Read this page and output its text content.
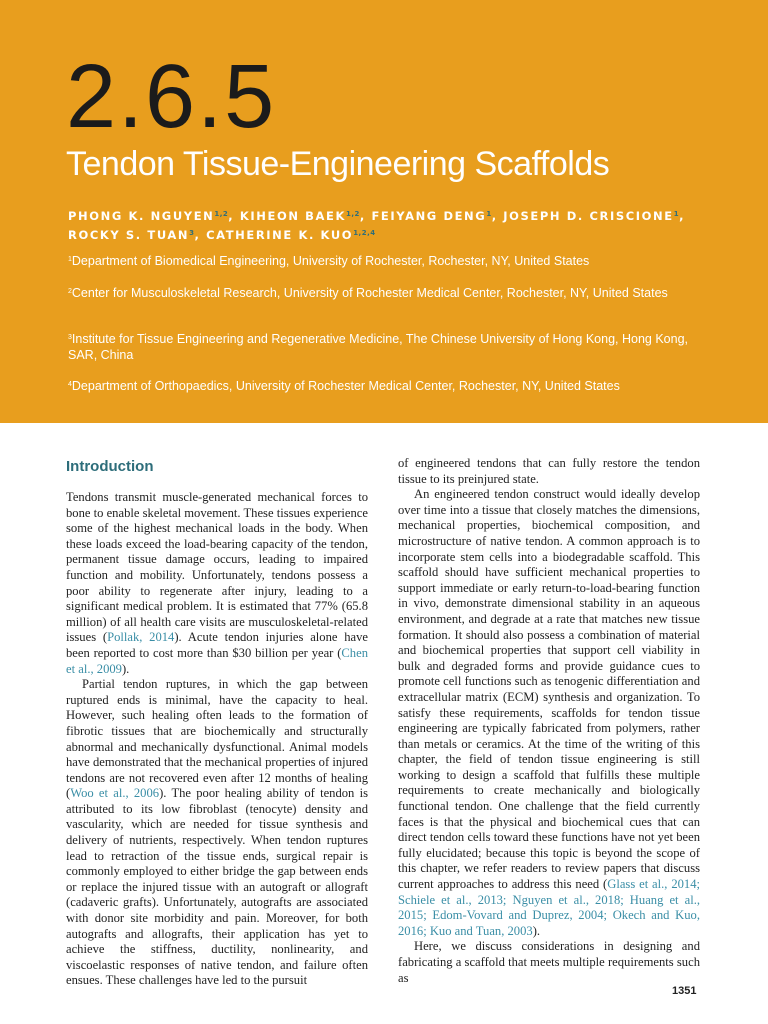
2.6.5
Tendon Tissue-Engineering Scaffolds
PHONG K. NGUYEN$^{1,2}$, KIHEON BAEK$^{1,2}$, FEIYANG DENG$^1$, JOSEPH D. CRISCIONE$^1$,
ROCKY S. TUAN$^3$, CATHERINE K. KUO$^{1,2,4}$
$^1$Department of Biomedical Engineering, University of Rochester, Rochester, NY, United States
$^2$Center for Musculoskeletal Research, University of Rochester Medical Center, Rochester, NY, United States
$^3$Institute for Tissue Engineering and Regenerative Medicine, The Chinese University of Hong Kong, Hong Kong, SAR, China
$^4$Department of Orthopaedics, University of Rochester Medical Center, Rochester, NY, United States
Introduction

Tendons transmit muscle-generated mechanical forces to bone to enable skeletal movement. These tissues experience some of the highest mechanical loads in the body. When these loads exceed the load-bearing capacity of the tendon, permanent tissue damage occurs, leading to impaired function and mobility. Unfortunately, tendons possess a poor ability to regenerate after injury, leading to a significant medical problem. It is estimated that 77% (65.8 million) of all health care visits are musculoskeletal-related issues (Pollak, 2014). Acute tendon injuries alone have been reported to cost more than $30 billion per year (Chen et al., 2009).

Partial tendon ruptures, in which the gap between ruptured ends is minimal, have the capacity to heal. However, such healing often leads to the formation of fibrotic tissues that are biochemically and structurally abnormal and mechanically dysfunctional. Animal models have demonstrated that the mechanical properties of injured tendons are not recovered even after 12 months of healing (Woo et al., 2006). The poor healing ability of tendon is attributed to its low fibroblast (tenocyte) density and vascularity, which are needed for tissue synthesis and delivery of nutrients, respectively. When tendon ruptures lead to retraction of the tissue ends, surgical repair is commonly employed to either bridge the gap between ends or replace the injured tissue with an autograft or allograft (cadaveric grafts). Unfortunately, autografts are associated with donor site morbidity and pain. Moreover, for both autografts and allografts, their application has yet to achieve the stiffness, ductility, nonlinearity, and viscoelastic responses of native tendon, and failure often ensues. These challenges have led to the pursuit

of engineered tendons that can fully restore the tendon tissue to its preinjured state.

An engineered tendon construct would ideally develop over time into a tissue that closely matches the dimensions, mechanical properties, biochemical composition, and microstructure of native tendon. A common approach is to incorporate stem cells into a biodegradable scaffold. This scaffold should have sufficient mechanical properties to support immediate or early return-to-load-bearing function in vivo, demonstrate dimensional stability in an aqueous environment, and degrade at a rate that matches new tissue formation. It should also possess a combination of material and biochemical properties that support cell viability in bulk and degraded forms and provide guidance cues to promote cell functions such as tenogenic differentiation and extracellular matrix (ECM) synthesis and organization. To satisfy these requirements, scaffolds for tendon tissue engineering are typically fabricated from polymers, rather than metals or ceramics. At the time of the writing of this chapter, the field of tendon tissue engineering is still working to design a scaffold that fulfills these multiple requirements to create mechanically and biologically functional tendon. One challenge that the field currently faces is that the physical and biochemical cues that can direct tendon cells toward these functions have not yet been fully elucidated; because this topic is beyond the scope of this chapter, we refer readers to review papers that discuss current approaches to address this need (Glass et al., 2014; Schiele et al., 2013; Nguyen et al., 2018; Huang et al., 2015; Edom-Vovard and Duprez, 2004; Okech and Kuo, 2016; Kuo and Tuan, 2003).

Here, we discuss considerations in designing and fabricating a scaffold that meets multiple requirements such as

1351
